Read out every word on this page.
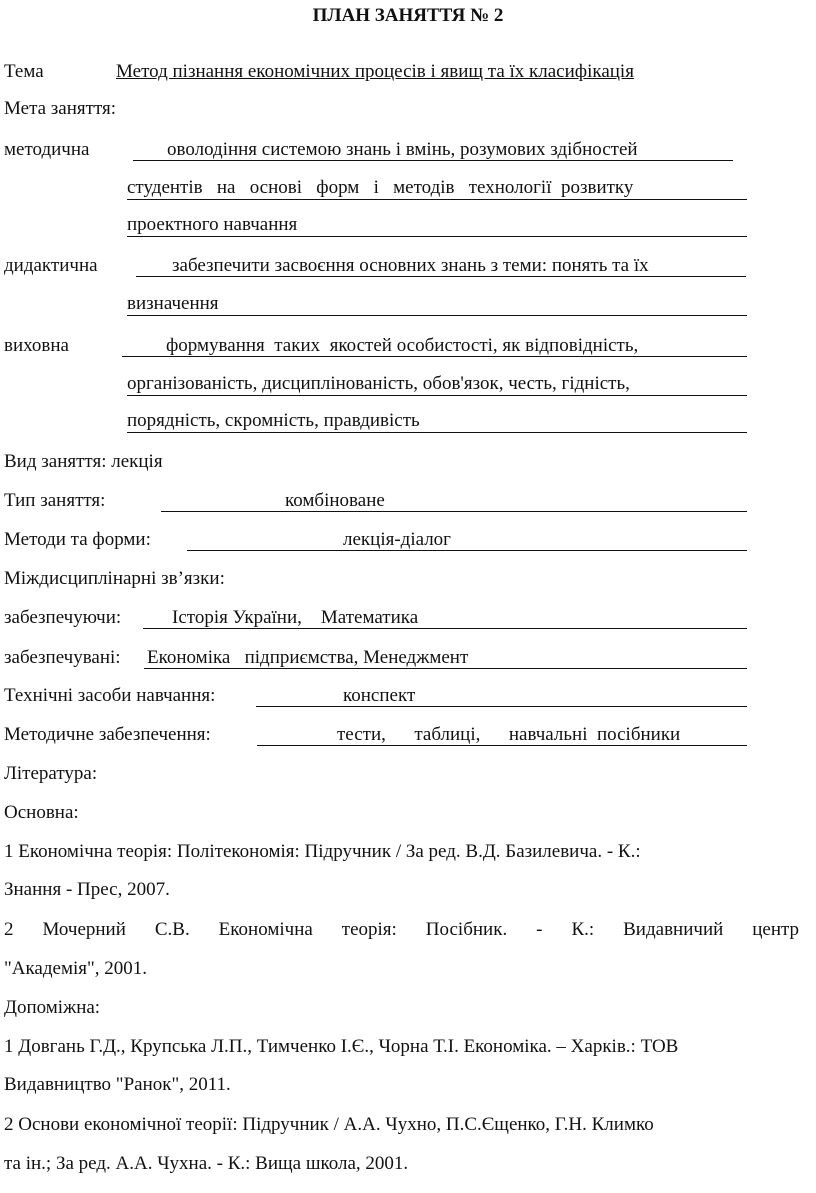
ПЛАН ЗАНЯТТЯ № 2
Тема	Метод пізнання економічних процесів і явищ та їх класифікація
Мета заняття:
методична	оволодіння системою знань і вмінь, розумових здібностей
студентів   на   основі   форм   і   методів   технології  розвитку
проектного навчання
дидактична	забезпечити засвоєння основних знань з теми: понять та їх
визначення
виховна	формування  таких  якостей особистості, як відповідність,
організованість, дисциплінованість, обов'язок, честь, гідність,
порядність, скромність, правдивість
Вид заняття: лекція
Тип заняття:	комбіноване
Методи та форми:	лекція-діалог
Міждисциплінарні зв’язки:
забезпечуючи:	Історія України,    Математика
забезпечувані: Економіка   підприємства, Менеджмент
Технічні засоби навчання:	конспект
Методичне забезпечення:	тести,      таблиці,      навчальні  посібники
Література:
Основна:
1 Економічна теорія: Політекономія: Підручник / За ред. В.Д. Базилевича. - К.:
Знання - Прес, 2007.
2 Мочерний С.В. Економічна теорія: Посібник. - К.: Видавничий центр
"Академія", 2001.
Допоміжна:
1 Довгань Г.Д., Крупська Л.П., Тимченко І.Є., Чорна Т.І. Економіка. – Харків.: ТОВ
Видавництво "Ранок", 2011.
2 Основи економічної теорії: Підручник / А.А. Чухно, П.С.Єщенко, Г.Н. Климко
та ін.; За ред. А.А. Чухна. - К.: Вища школа, 2001.
